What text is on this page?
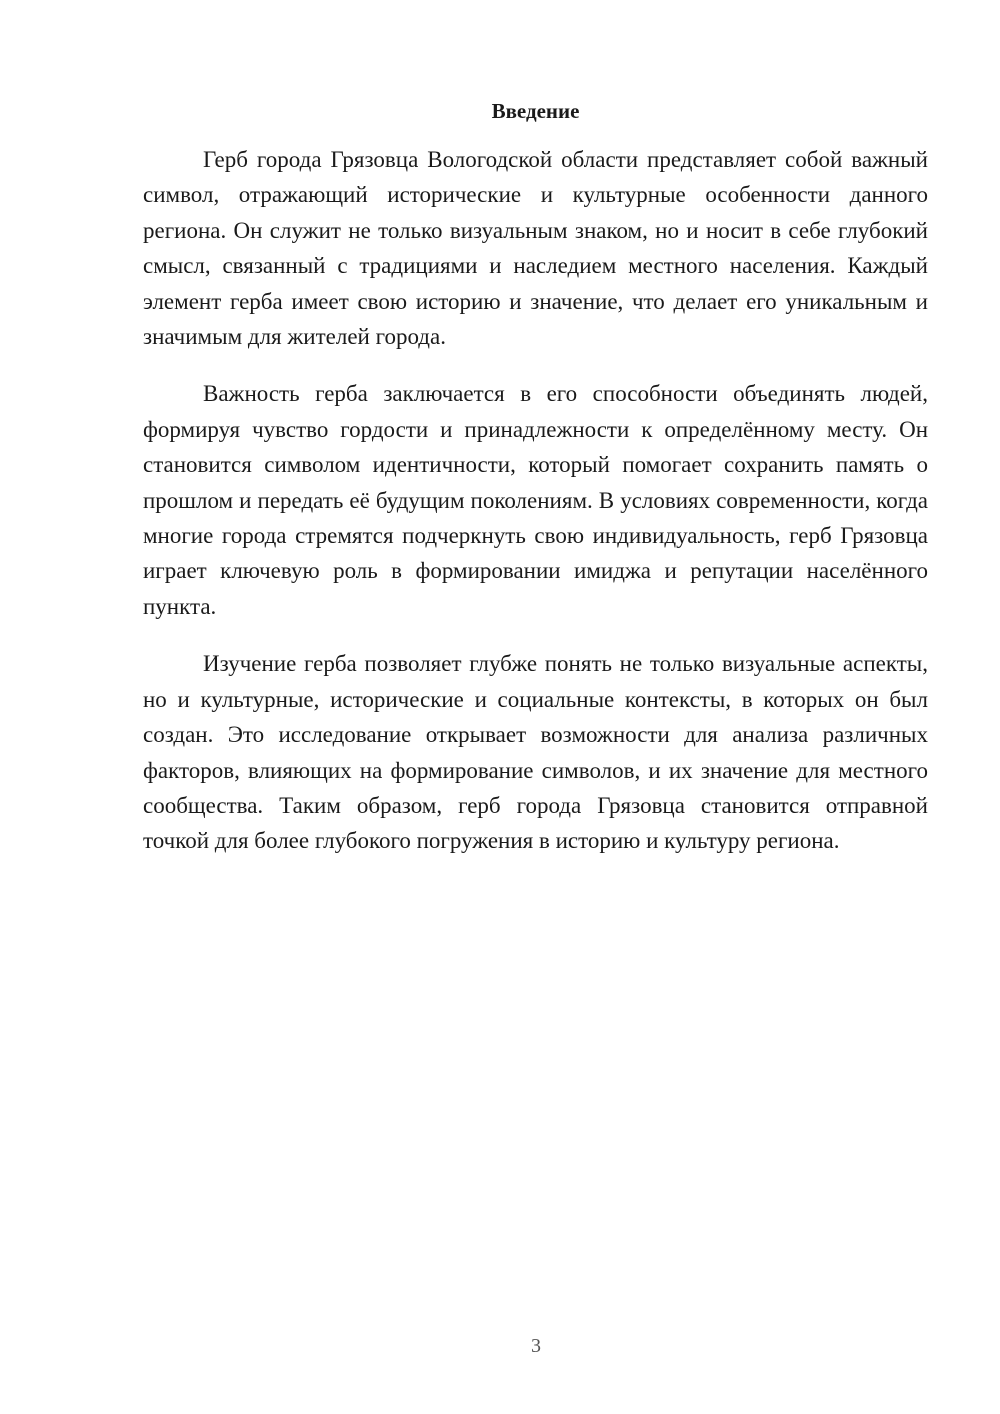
Введение

Герб города Грязовца Вологодской области представляет собой важный символ, отражающий исторические и культурные особенности данного региона. Он служит не только визуальным знаком, но и носит в себе глубокий смысл, связанный с традициями и наследием местного населения. Каждый элемент герба имеет свою историю и значение, что делает его уникальным и значимым для жителей города.

Важность герба заключается в его способности объединять людей, формируя чувство гордости и принадлежности к определённому месту. Он становится символом идентичности, который помогает сохранить память о прошлом и передать её будущим поколениям. В условиях современности, когда многие города стремятся подчеркнуть свою индивидуальность, герб Грязовца играет ключевую роль в формировании имиджа и репутации населённого пункта.

Изучение герба позволяет глубже понять не только визуальные аспекты, но и культурные, исторические и социальные контексты, в которых он был создан. Это исследование открывает возможности для анализа различных факторов, влияющих на формирование символов, и их значение для местного сообщества. Таким образом, герб города Грязовца становится отправной точкой для более глубокого погружения в историю и культуру региона.

3
